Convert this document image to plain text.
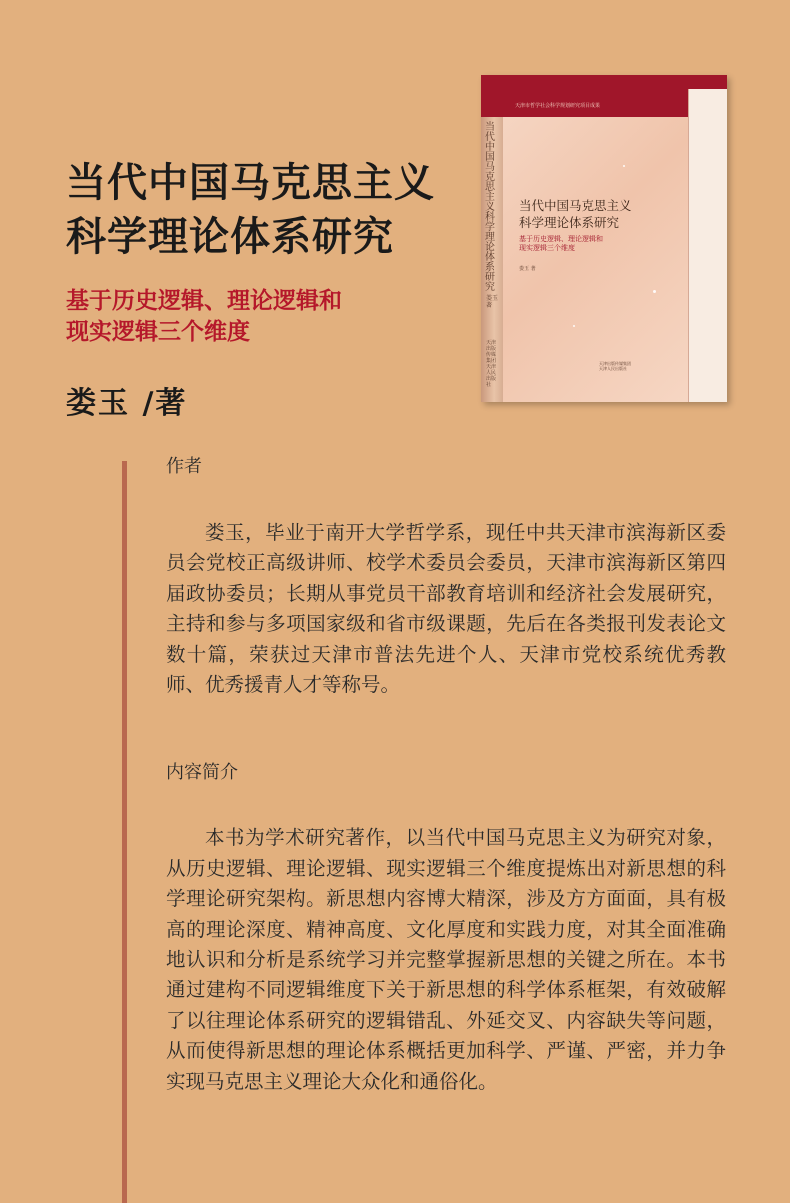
当代中国马克思主义
科学理论体系研究
基于历史逻辑、理论逻辑和
现实逻辑三个维度
娄玉 /著
当代中国马克思主义科学理论体系研究
娄玉 著
天津出版传媒集团 天津人民出版社
天津市哲学社会科学规划研究项目成果
当代中国马克思主义
科学理论体系研究
基于历史逻辑、理论逻辑和
现实逻辑三个维度
娄玉 著
天津出版传媒集团
天津人民出版社
作者

娄玉，毕业于南开大学哲学系，现任中共天津市滨海新区委员会党校正高级讲师、校学术委员会委员，天津市滨海新区第四届政协委员；长期从事党员干部教育培训和经济社会发展研究，主持和参与多项国家级和省市级课题，先后在各类报刊发表论文数十篇，荣获过天津市普法先进个人、天津市党校系统优秀教师、优秀援青人才等称号。

内容简介

本书为学术研究著作，以当代中国马克思主义为研究对象，从历史逻辑、理论逻辑、现实逻辑三个维度提炼出对新思想的科学理论研究架构。新思想内容博大精深，涉及方方面面，具有极高的理论深度、精神高度、文化厚度和实践力度，对其全面准确地认识和分析是系统学习并完整掌握新思想的关键之所在。本书通过建构不同逻辑维度下关于新思想的科学体系框架，有效破解了以往理论体系研究的逻辑错乱、外延交叉、内容缺失等问题，从而使得新思想的理论体系概括更加科学、严谨、严密，并力争实现马克思主义理论大众化和通俗化。
